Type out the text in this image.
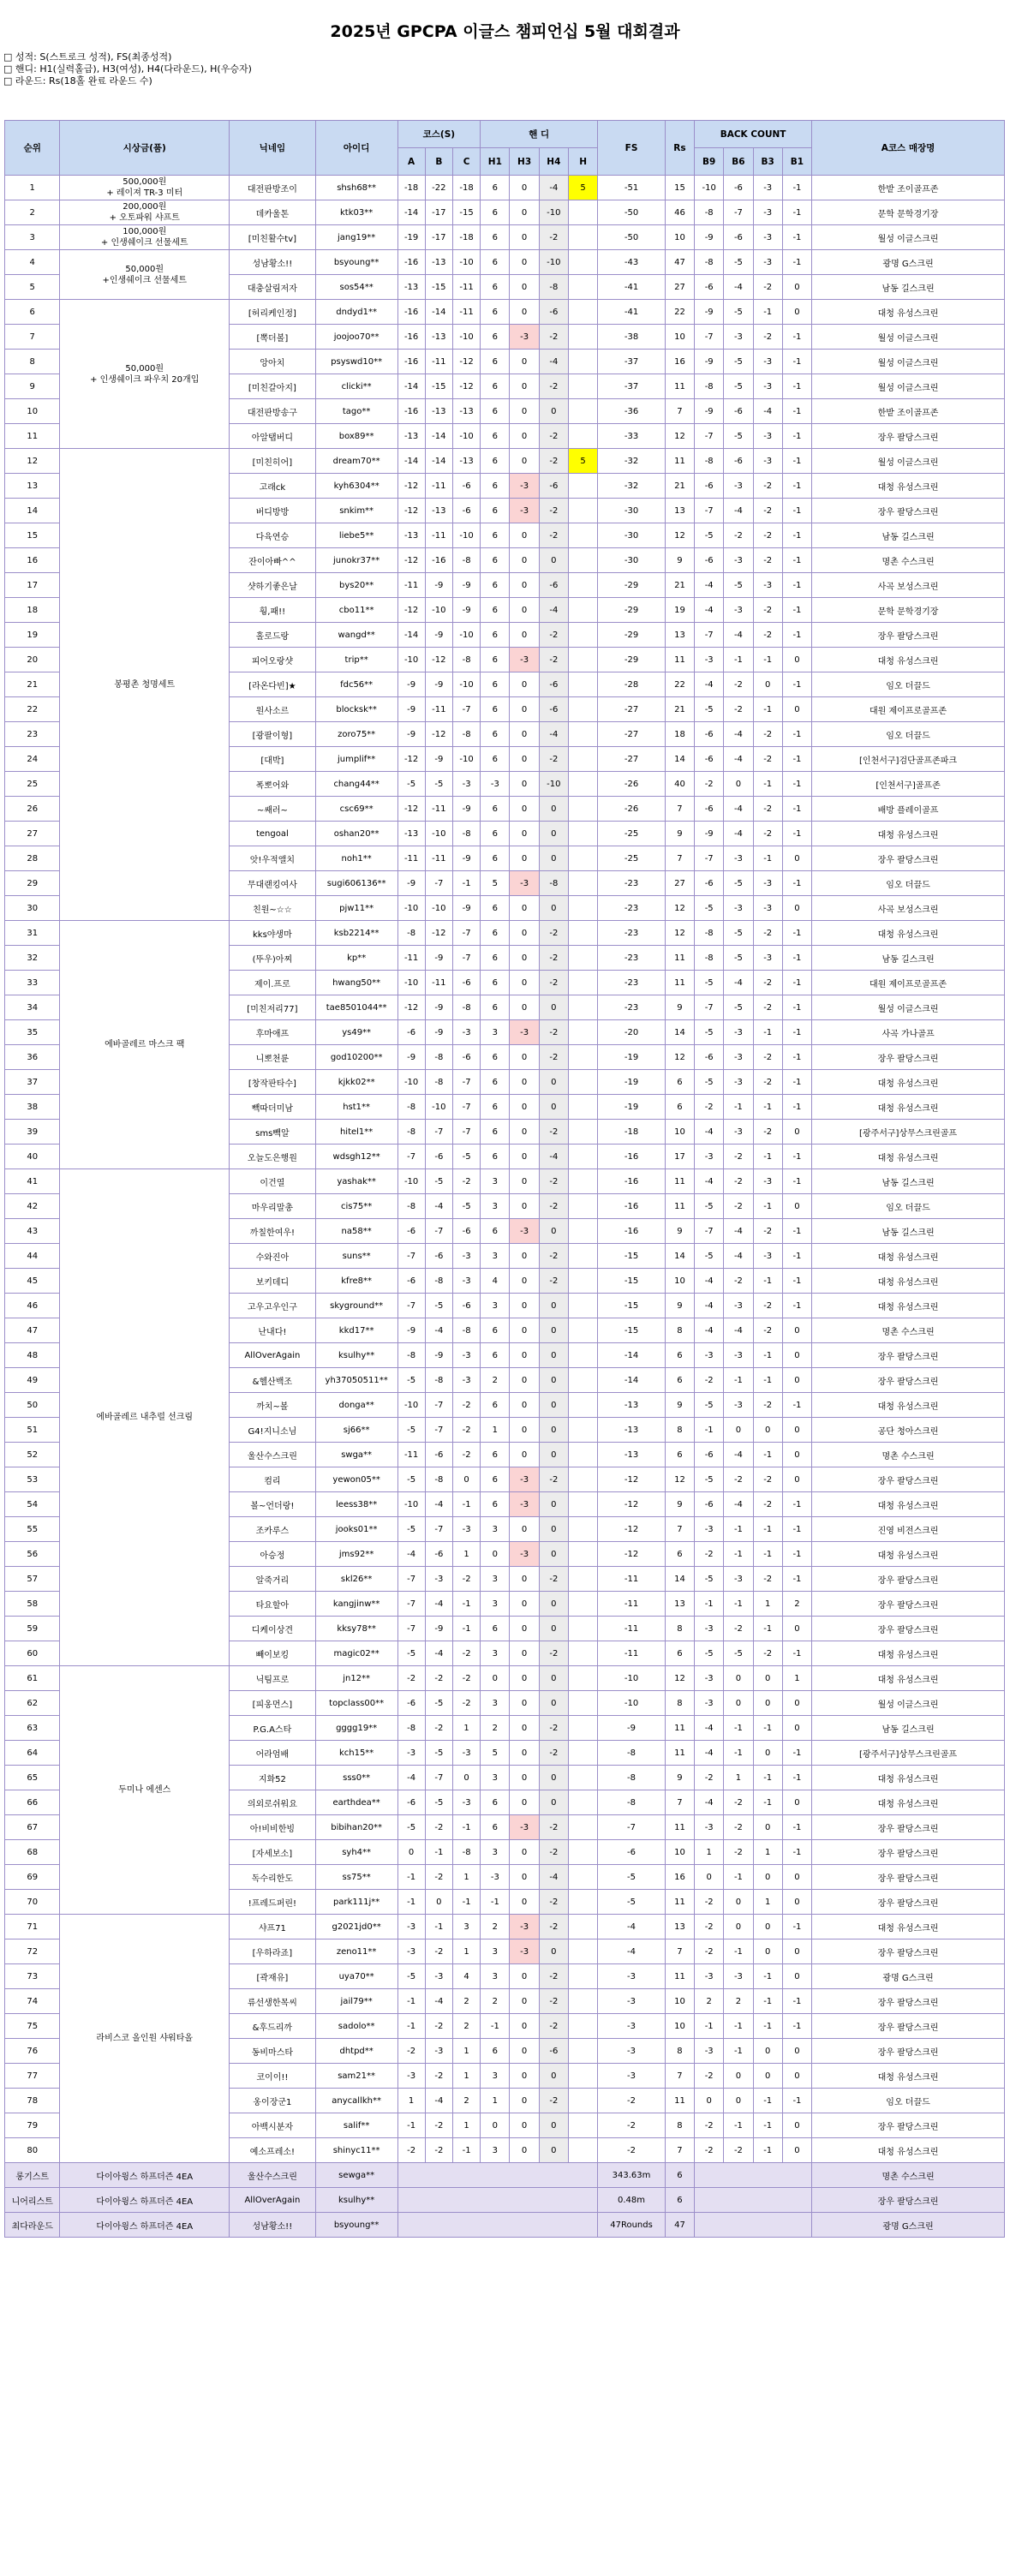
2025년 GPCPA 이글스 챔피언십 5월 대회결과
□ 성적: S(스트로크 성적), FS(최종성적)
□ 핸디: H1(실력홀급), H3(여성), H4(다라운드), H(우승자)
□ 라운드: Rs(18홀 완료 라운드 수)
순위	시상금(품)	닉네임	아이디	코스(S)			핸 디				FS	Rs	BACK COUNT				A코스 매장명
				A	B	C	H1	H3	H4	H			B9	B6	B3	B1	
1	500,000원
+ 레이져 TR-3 미터	대전판방조이	shsh68**	-18	-22	-18	6	0	-4	5	-51	15	-10	-6	-3	-1	한밭 조이골프존
2	200,000원
+ 오토파워 샤프트	데카울톤	ktk03**	-14	-17	-15	6	0	-10		-50	46	-8	-7	-3	-1	문학 문학경기장
3	100,000원
+ 인생쉐이크 선물세트	[미친활수tv]	jang19**	-19	-17	-18	6	0	-2		-50	10	-9	-6	-3	-1	월성 이글스크린
4	50,000원
+인생쉐이크 선물세트	성남황소!!	bsyoung**	-16	-13	-10	6	0	-10		-43	47	-8	-5	-3	-1	광명 G스크린
5		대충살림저자	sos54**	-13	-15	-11	6	0	-8		-41	27	-6	-4	-2	0	남동 길스크린
6	50,000원
+ 인생쉐이크 파우치 20개입	[허리케인정]	dndyd1**	-16	-14	-11	6	0	-6		-41	22	-9	-5	-1	0	대청 유성스크린
7		[뽁더볼]	joojoo70**	-16	-13	-10	6	-3	-2		-38	10	-7	-3	-2	-1	월성 이글스크린
8		앙아치	psyswd10**	-16	-11	-12	6	0	-4		-37	16	-9	-5	-3	-1	월성 이글스크린
9		[미친갈아지]	clicki**	-14	-15	-12	6	0	-2		-37	11	-8	-5	-3	-1	월성 이글스크린
10		대전판방송구	tago**	-16	-13	-13	6	0	0		-36	7	-9	-6	-4	-1	한밭 조이골프존
11		아알탭버디	box89**	-13	-14	-10	6	0	-2		-33	12	-7	-5	-3	-1	장우 팔당스크린
12	봉평촌 청명세트	[미친히어]	dream70**	-14	-14	-13	6	0	-2	5	-32	11	-8	-6	-3	-1	월성 이글스크린
13		고래ck	kyh6304**	-12	-11	-6	6	-3	-6		-32	21	-6	-3	-2	-1	대청 유성스크린
14		버디방방	snkim**	-12	-13	-6	6	-3	-2		-30	13	-7	-4	-2	-1	장우 팔당스크린
15		다육연승	liebe5**	-13	-11	-10	6	0	-2		-30	12	-5	-2	-2	-1	남동 길스크린
16		잔이아빠^^	junokr37**	-12	-16	-8	6	0	0		-30	9	-6	-3	-2	-1	명촌 수스크린
17		샷하기좋은날	bys20**	-11	-9	-9	6	0	-6		-29	21	-4	-5	-3	-1	사곡 보성스크린
18		훵,패!!	cbo11**	-12	-10	-9	6	0	-4		-29	19	-4	-3	-2	-1	문학 문학경기장
19		홀로드랑	wangd**	-14	-9	-10	6	0	-2		-29	13	-7	-4	-2	-1	장우 팔당스크린
20		피어오랑샷	trip**	-10	-12	-8	6	-3	-2		-29	11	-3	-1	-1	0	대청 유성스크린
21		[라온다빈]★	fdc56**	-9	-9	-10	6	0	-6		-28	22	-4	-2	0	-1	임오 더끌드
22		원사소르	blocksk**	-9	-11	-7	6	0	-6		-27	21	-5	-2	-1	0	대원 제이프로골프존
23		[광팔이형]	zoro75**	-9	-12	-8	6	0	-4		-27	18	-6	-4	-2	-1	임오 더끌드
24		[대박]	jumplif**	-12	-9	-10	6	0	-2		-27	14	-6	-4	-2	-1	[인천서구]검단골프존파크
25		폭뽀어와	chang44**	-5	-5	-3	-3	0	-10		-26	40	-2	0	-1	-1	[인천서구]골프존
26		~쌔러~	csc69**	-12	-11	-9	6	0	0		-26	7	-6	-4	-2	-1	배방 플레이골프
27		tengoal	oshan20**	-13	-10	-8	6	0	0		-25	9	-9	-4	-2	-1	대청 유성스크린
28		앗!우적앨치	noh1**	-11	-11	-9	6	0	0		-25	7	-7	-3	-1	0	장우 팔당스크린
29		무대랜킹여사	sugi606136**	-9	-7	-1	5	-3	-8		-23	27	-6	-5	-3	-1	임오 더끌드
30		친원~☆☆	pjw11**	-10	-10	-9	6	0	0		-23	12	-5	-3	-3	0	사곡 보성스크린
31	에바골레르 마스크 팩	kks야생마	ksb2214**	-8	-12	-7	6	0	-2		-23	12	-8	-5	-2	-1	대청 유성스크린
32		(뚜우)아찌	kp**	-11	-9	-7	6	0	-2		-23	11	-8	-5	-3	-1	남동 길스크린
33		제이.프로	hwang50**	-10	-11	-6	6	0	-2		-23	11	-5	-4	-2	-1	대원 제이프로골프존
34		[미친저리77]	tae8501044**	-12	-9	-8	6	0	0		-23	9	-7	-5	-2	-1	월성 이글스크린
35		후마애프	ys49**	-6	-9	-3	3	-3	-2		-20	14	-5	-3	-1	-1	사곡 가나골프
36		니뽀천륜	god10200**	-9	-8	-6	6	0	-2		-19	12	-6	-3	-2	-1	장우 팔당스크린
37		[창작판타수]	kjkk02**	-10	-8	-7	6	0	0		-19	6	-5	-3	-2	-1	대청 유성스크린
38		빽따더미남	hst1**	-8	-10	-7	6	0	0		-19	6	-2	-1	-1	-1	대청 유성스크린
39		sms빽알	hitel1**	-8	-7	-7	6	0	-2		-18	10	-4	-3	-2	0	[광주서구]상무스크린골프
40		오늘도은행원	wdsgh12**	-7	-6	-5	6	0	-4		-16	17	-3	-2	-1	-1	대청 유성스크린
41	에바골레르 내추럴 선크림	이건열	yashak**	-10	-5	-2	3	0	-2		-16	11	-4	-2	-3	-1	남동 길스크린
42		마우리말총	cis75**	-8	-4	-5	3	0	-2		-16	11	-5	-2	-1	0	임오 더끌드
43		까칠한여우!	na58**	-6	-7	-6	6	-3	0		-16	9	-7	-4	-2	-1	남동 길스크린
44		수와진아	suns**	-7	-6	-3	3	0	-2		-15	14	-5	-4	-3	-1	대청 유성스크린
45		보키데디	kfre8**	-6	-8	-3	4	0	-2		-15	10	-4	-2	-1	-1	대청 유성스크린
46		고우고우인구	skyground**	-7	-5	-6	3	0	0		-15	9	-4	-3	-2	-1	대청 유성스크린
47		난내다!	kkd17**	-9	-4	-8	6	0	0		-15	8	-4	-4	-2	0	명촌 수스크린
48		AllOverAgain	ksulhy**	-8	-9	-3	6	0	0		-14	6	-3	-3	-1	0	장우 팔당스크린
49		&헬산백조	yh37050511**	-5	-8	-3	2	0	0		-14	6	-2	-1	-1	0	장우 팔당스크린
50		까치~볼	donga**	-10	-7	-2	6	0	0		-13	9	-5	-3	-2	-1	대청 유성스크린
51		G4!지니소님	sj66**	-5	-7	-2	1	0	0		-13	8	-1	0	0	0	공단 청아스크린
52		울산수스크린	swga**	-11	-6	-2	6	0	0		-13	6	-6	-4	-1	0	명촌 수스크린
53		컴리	yewon05**	-5	-8	0	6	-3	-2		-12	12	-5	-2	-2	0	장우 팔당스크린
54		볼~언더랑!	leess38**	-10	-4	-1	6	-3	0		-12	9	-6	-4	-2	-1	대청 유성스크린
55		조카루스	jooks01**	-5	-7	-3	3	0	0		-12	7	-3	-1	-1	-1	진영 비전스크린
56		아승정	jms92**	-4	-6	1	0	-3	0		-12	6	-2	-1	-1	-1	대청 유성스크린
57		알죽거리	skl26**	-7	-3	-2	3	0	-2		-11	14	-5	-3	-2	-1	장우 팔당스크린
58		타요할아	kangjinw**	-7	-4	-1	3	0	0		-11	13	-1	-1	1	2	장우 팔당스크린
59		디케이상견	kksy78**	-7	-9	-1	6	0	0		-11	8	-3	-2	-1	0	장우 팔당스크린
60		빼이보킹	magic02**	-5	-4	-2	3	0	-2		-11	6	-5	-5	-2	-1	대청 유성스크린
61	두미나 에센스	닉팀프로	jn12**	-2	-2	-2	0	0	0		-10	12	-3	0	0	1	대청 유성스크린
62		[피옹먼스]	topclass00**	-6	-5	-2	3	0	0		-10	8	-3	0	0	0	월성 이글스크린
63		P.G.A스타	gggg19**	-8	-2	1	2	0	-2		-9	11	-4	-1	-1	0	남동 길스크린
64		어라엄배	kch15**	-3	-5	-3	5	0	-2		-8	11	-4	-1	0	-1	[광주서구]상무스크린골프
65		지화52	sss0**	-4	-7	0	3	0	0		-8	9	-2	1	-1	-1	대청 유성스크린
66		의외로쉬워요	earthdea**	-6	-5	-3	6	0	0		-8	7	-4	-2	-1	0	대청 유성스크린
67		아!비비한빙	bibihan20**	-5	-2	-1	6	-3	-2		-7	11	-3	-2	0	-1	장우 팔당스크린
68		[자세보소]	syh4**	0	-1	-8	3	0	-2		-6	10	1	-2	1	-1	장우 팔당스크린
69		독수리한도	ss75**	-1	-2	1	-3	0	-4		-5	16	0	-1	0	0	장우 팔당스크린
70		!프레드퍼린!	park111j**	-1	0	-1	-1	0	-2		-5	11	-2	0	1	0	장우 팔당스크린
71	라비스코 올인원 샤워타올	샤프71	g2021jd0**	-3	-1	3	2	-3	-2		-4	13	-2	0	0	-1	대청 유성스크린
72		[우하라죠]	zeno11**	-3	-2	1	3	-3	0		-4	7	-2	-1	0	0	장우 팔당스크린
73		[곽재유]	uya70**	-5	-3	4	3	0	-2		-3	11	-3	-3	-1	0	광명 G스크린
74		류선생한목씨	jail79**	-1	-4	2	2	0	-2		-3	10	2	2	-1	-1	장우 팔당스크린
75		&후드리까	sadolo**	-1	-2	2	-1	0	-2		-3	10	-1	-1	-1	-1	장우 팔당스크린
76		동비마스타	dhtpd**	-2	-3	1	6	0	-6		-3	8	-3	-1	0	0	장우 팔당스크린
77		코이이!!	sam21**	-3	-2	1	3	0	0		-3	7	-2	0	0	0	대청 유성스크린
78		옹이장군1	anycallkh**	1	-4	2	1	0	-2		-2	11	0	0	-1	-1	임오 더끌드
79		아백시분자	salif**	-1	-2	1	0	0	0		-2	8	-2	-1	-1	0	장우 팔당스크린
80		예소프레소!	shinyc11**	-2	-2	-1	3	0	0		-2	7	-2	-2	-1	0	대청 유성스크린
롱기스트	다이아윙스 하프더즌 4EA	울산수스크린	sewga**								343.63m	6					명촌 수스크린
니어리스트	다이아윙스 하프더즌 4EA	AllOverAgain	ksulhy**								0.48m	6					장우 팔당스크린
최다라운드	다이아윙스 하프더즌 4EA	성남황소!!	bsyoung**								47Rounds	47					광명 G스크린
